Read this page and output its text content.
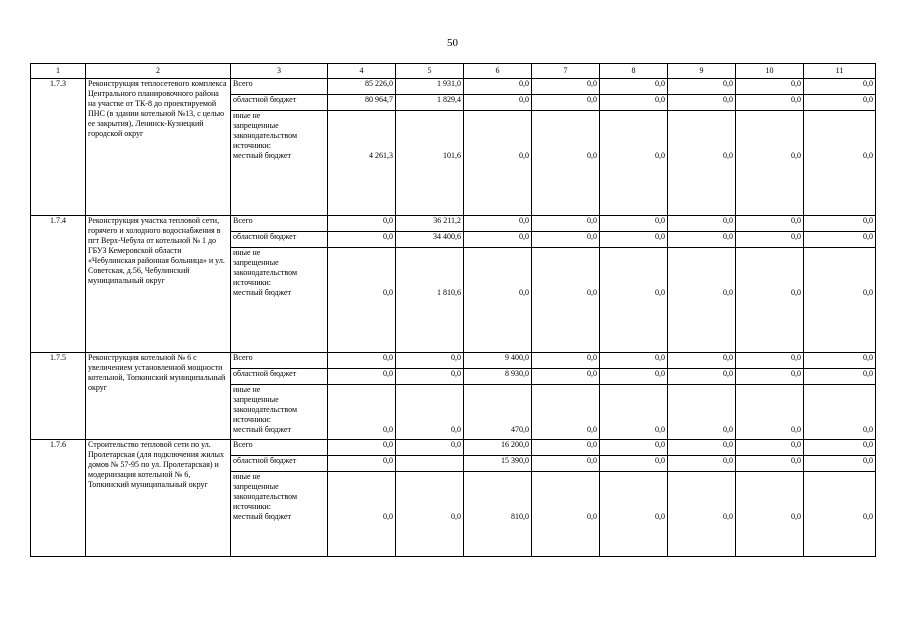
50
1	2	3	4	5	6	7	8	9	10	11
1.7.3	Реконструкция теплосетевого комплекса Центрального планировочного района на участке от ТК-8 до проектируемой ПНС (в здании котельной №13, с целью ее закрытия), Ленинск-Кузнецкий городской округ	Всего	85 226,0	1 931,0	0,0	0,0	0,0	0,0	0,0	0,0
		областной бюджет	80 964,7	1 829,4	0,0	0,0	0,0	0,0	0,0	0,0

		иные не
запрещенные
законодательством
источники:
местный бюджет	4 261,3	101,6	0,0	0,0	0,0	0,0	0,0	0,0
1.7.4	Реконструкция участка тепловой сети, горячего и холодного водоснабжения в пгт Верх-Чебула от котельной № 1 до ГБУЗ Кемеровской области «Чебулинская районная больница» и ул. Советская, д.56, Чебулинский муниципальный округ	Всего	0,0	36 211,2	0,0	0,0	0,0	0,0	0,0	0,0
		областной бюджет	0,0	34 400,6	0,0	0,0	0,0	0,0	0,0	0,0

		иные не
запрещенные
законодательством
источники:
местный бюджет	0,0	1 810,6	0,0	0,0	0,0	0,0	0,0	0,0
1.7.5	Реконструкция котельной № 6 с увеличением установленной мощности котельной, Топкинский муниципальный округ	Всего	0,0	0,0	9 400,0	0,0	0,0	0,0	0,0	0,0
		областной бюджет	0,0	0,0	8 930,0	0,0	0,0	0,0	0,0	0,0

		иные не
запрещенные
законодательством
источники:
местный бюджет	0,0	0,0	470,0	0,0	0,0	0,0	0,0	0,0
1.7.6	Строительство тепловой сети по ул. Пролетарская (для подключения жилых домов № 57-95 по ул. Пролетарская) и модернизация котельной № 6, Топкинский муниципальный округ	Всего	0,0	0,0	16 200,0	0,0	0,0	0,0	0,0	0,0
		областной бюджет	0,0		15 390,0	0,0	0,0	0,0	0,0	0,0

		иные не
запрещенные
законодательством
источники:
местный бюджет	0,0	0,0	810,0	0,0	0,0	0,0	0,0	0,0
